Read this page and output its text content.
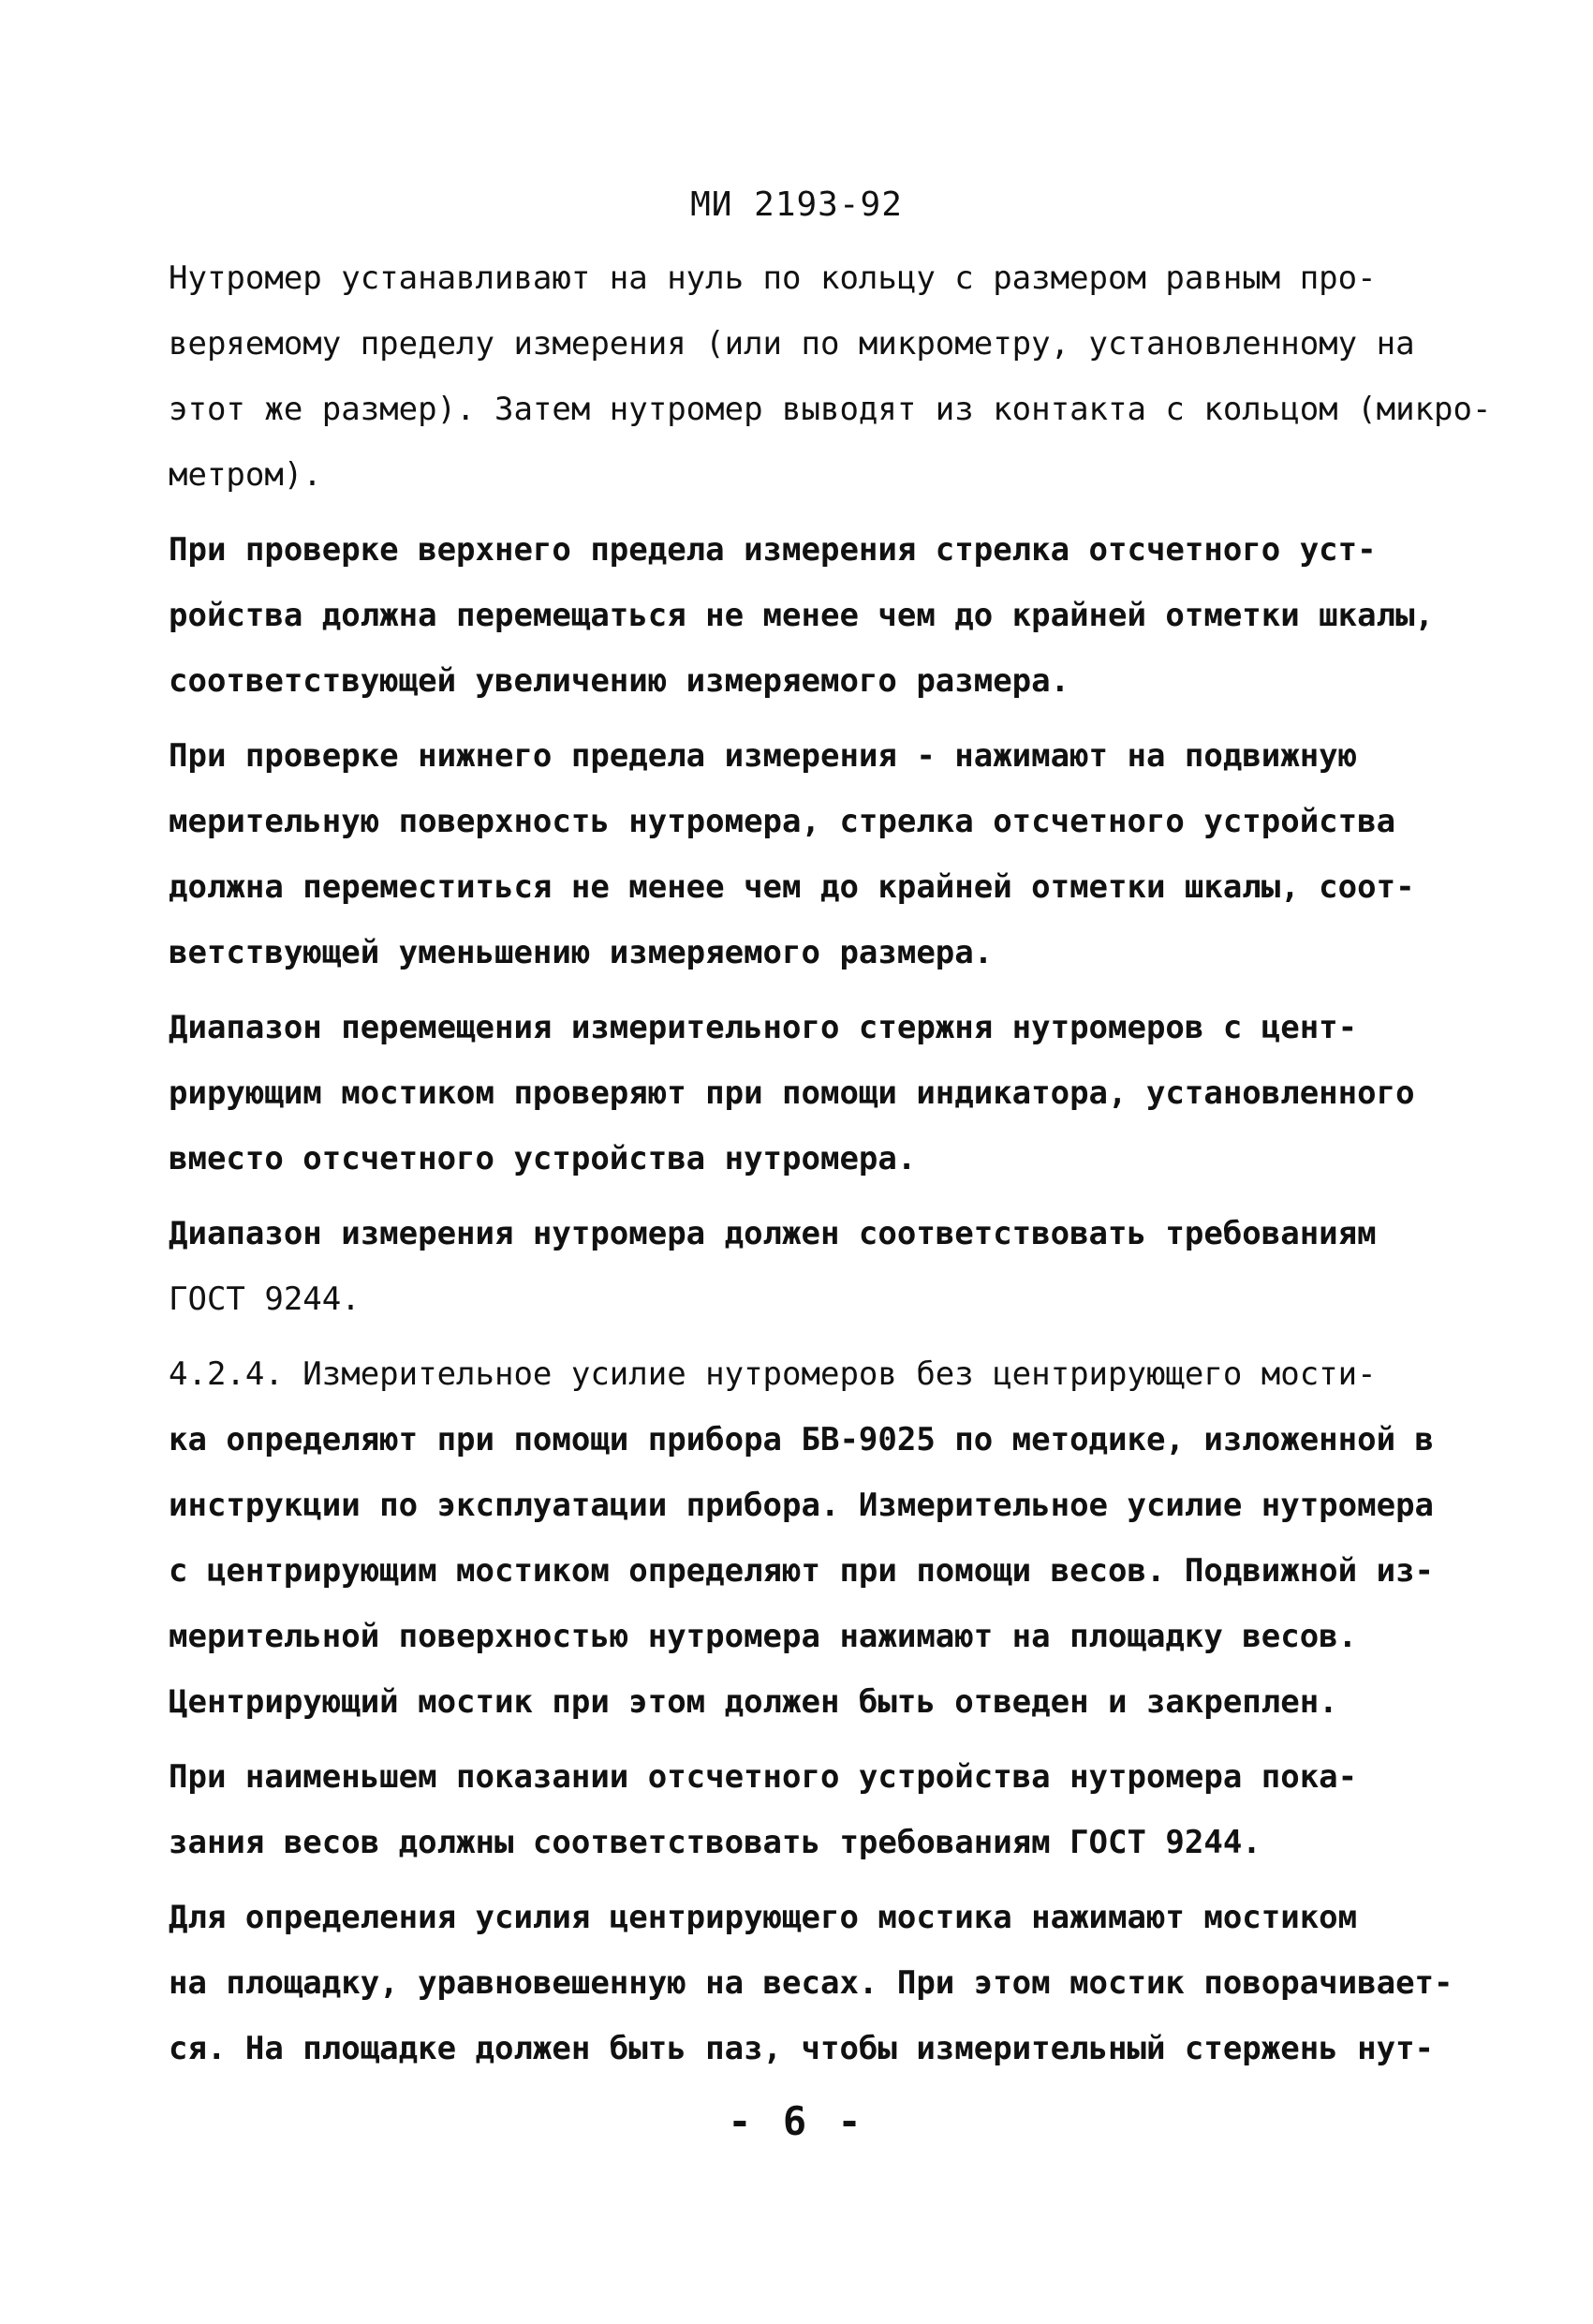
МИ 2193-92
Нутромер устанавливают на нуль по кольцу с размером равным про-
веряемому пределу измерения (или по микрометру, установленному на
этот же размер). Затем нутромер выводят из контакта с кольцом (микро-
метром).
При проверке верхнего предела измерения стрелка отсчетного уст-
ройства должна перемещаться не менее чем до крайней отметки шкалы,
соответствующей увеличению измеряемого размера.
При проверке нижнего предела измерения - нажимают на подвижную
мерительную поверхность нутромера, стрелка отсчетного устройства
должна переместиться не менее чем до крайней отметки шкалы, соот-
ветствующей уменьшению измеряемого размера.
Диапазон перемещения измерительного стержня нутромеров с цент-
рирующим мостиком проверяют при помощи индикатора, установленного
вместо отсчетного устройства нутромера.
Диапазон измерения нутромера должен соответствовать требованиям
ГОСТ 9244.
4.2.4. Измерительное усилие нутромеров без центрирующего мости-
ка определяют при помощи прибора БВ-9025 по методике, изложенной в
инструкции по эксплуатации прибора. Измерительное усилие нутромера
с центрирующим мостиком определяют при помощи весов. Подвижной из-
мерительной поверхностью нутромера нажимают на площадку весов.
Центрирующий мостик при этом должен быть отведен и закреплен.
При наименьшем показании отсчетного устройства нутромера пока-
зания весов должны соответствовать требованиям ГОСТ 9244.
Для определения усилия центрирующего мостика нажимают мостиком
на площадку, уравновешенную на весах. При этом мостик поворачивает-
ся. На площадке должен быть паз, чтобы измерительный стержень нут-
- 6 -
